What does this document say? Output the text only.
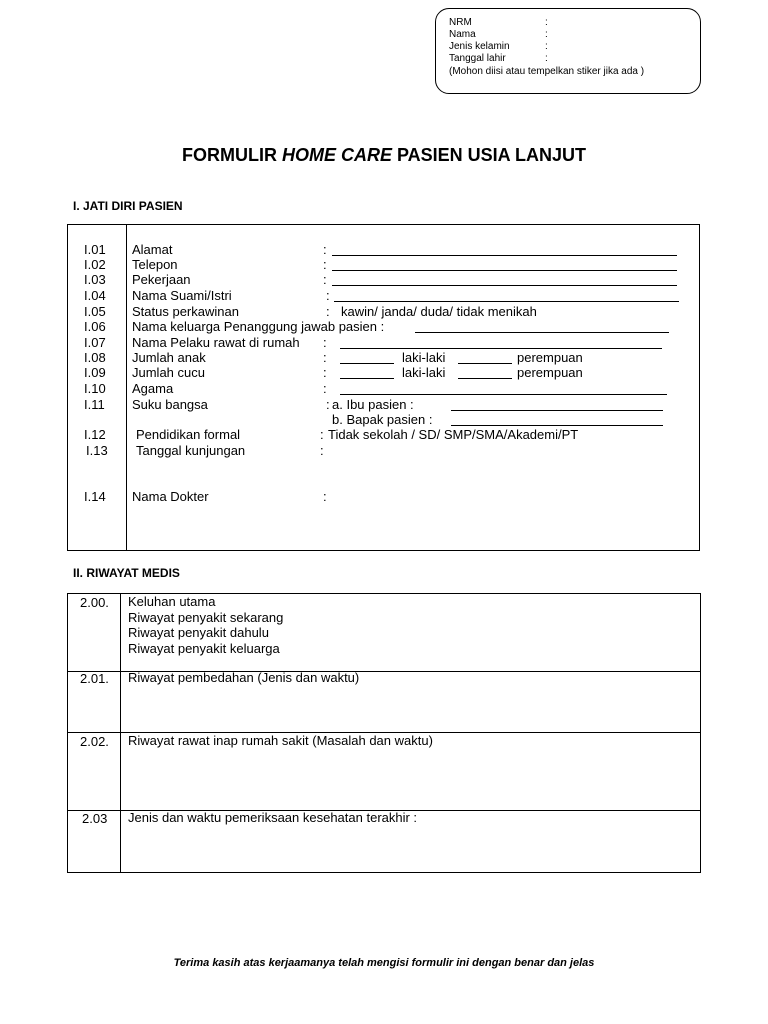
NRM	:
Nama	:
Jenis kelamin	:
Tanggal lahir	:
(Mohon diisi atau tempelkan stiker jika ada )
FORMULIR HOME CARE PASIEN USIA LANJUT
I. JATI DIRI PASIEN
I.01 Alamat	:
I.02 Telepon	:
I.03 Pekerjaan	:
I.04 Nama Suami/Istri	:
I.05 Status perkawinan	: kawin/ janda/ duda/ tidak menikah
I.06 Nama keluarga Penanggung jawab pasien :
I.07 Nama Pelaku rawat di rumah :
I.08 Jumlah anak	:	laki-laki	perempuan
I.09 Jumlah cucu	:	laki-laki	perempuan
I.10 Agama	:
I.11 Suku bangsa	: a. Ibu pasien :
b. Bapak pasien :
I.12 Pendidikan formal	: Tidak sekolah / SD/ SMP/SMA/Akademi/PT
I.13 Tanggal kunjungan	:
I.14 Nama Dokter	:
II. RIWAYAT MEDIS
2.00. Keluhan utama
Riwayat penyakit sekarang
Riwayat penyakit dahulu
Riwayat penyakit keluarga
2.01. Riwayat pembedahan (Jenis dan waktu)
2.02. Riwayat rawat inap rumah sakit (Masalah dan waktu)
2.03 Jenis dan waktu pemeriksaan kesehatan terakhir :
Terima kasih atas kerjaamanya telah mengisi formulir ini dengan benar dan jelas
